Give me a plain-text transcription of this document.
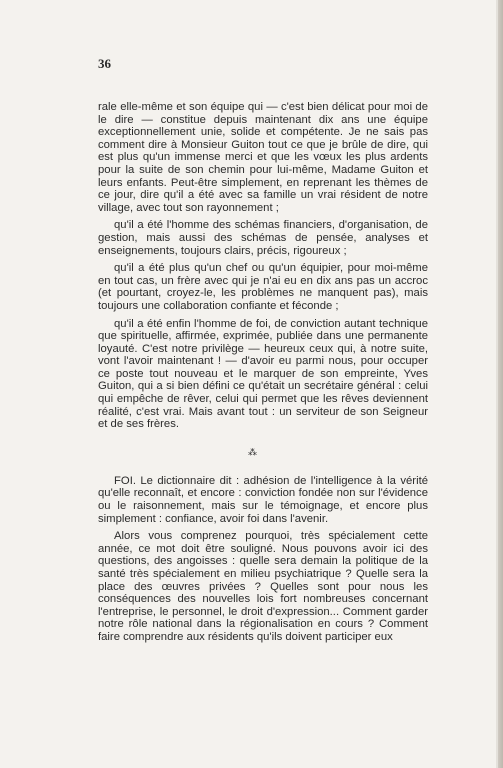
36

rale elle-même et son équipe qui — c'est bien délicat pour moi de le dire — constitue depuis maintenant dix ans une équipe exceptionnellement unie, solide et compétente. Je ne sais pas comment dire à Monsieur Guiton tout ce que je brûle de dire, qui est plus qu'un immense merci et que les vœux les plus ardents pour la suite de son chemin pour lui-même, Madame Guiton et leurs enfants. Peut-être simplement, en reprenant les thèmes de ce jour, dire qu'il a été avec sa famille un vrai résident de notre village, avec tout son rayonnement ;

qu'il a été l'homme des schémas financiers, d'organisation, de gestion, mais aussi des schémas de pensée, analyses et enseignements, toujours clairs, précis, rigoureux ;

qu'il a été plus qu'un chef ou qu'un équipier, pour moi-même en tout cas, un frère avec qui je n'ai eu en dix ans pas un accroc (et pourtant, croyez-le, les problèmes ne manquent pas), mais toujours une collaboration confiante et féconde ;

qu'il a été enfin l'homme de foi, de conviction autant technique que spirituelle, affirmée, exprimée, publiée dans une permanente loyauté. C'est notre privilège — heureux ceux qui, à notre suite, vont l'avoir maintenant ! — d'avoir eu parmi nous, pour occuper ce poste tout nouveau et le marquer de son empreinte, Yves Guiton, qui a si bien défini ce qu'était un secrétaire général : celui qui empêche de rêver, celui qui permet que les rêves deviennent réalité, c'est vrai. Mais avant tout : un serviteur de son Seigneur et de ses frères.

FOI. Le dictionnaire dit : adhésion de l'intelligence à la vérité qu'elle reconnaît, et encore : conviction fondée non sur l'évidence ou le raisonnement, mais sur le témoignage, et encore plus simplement : confiance, avoir foi dans l'avenir.

Alors vous comprenez pourquoi, très spécialement cette année, ce mot doit être souligné. Nous pouvons avoir ici des questions, des angoisses : quelle sera demain la politique de la santé très spécialement en milieu psychiatrique ? Quelle sera la place des œuvres privées ? Quelles sont pour nous les conséquences des nouvelles lois fort nombreuses concernant l'entreprise, le personnel, le droit d'expression... Comment garder notre rôle national dans la régionalisation en cours ? Comment faire comprendre aux résidents qu'ils doivent participer eux

⁂
